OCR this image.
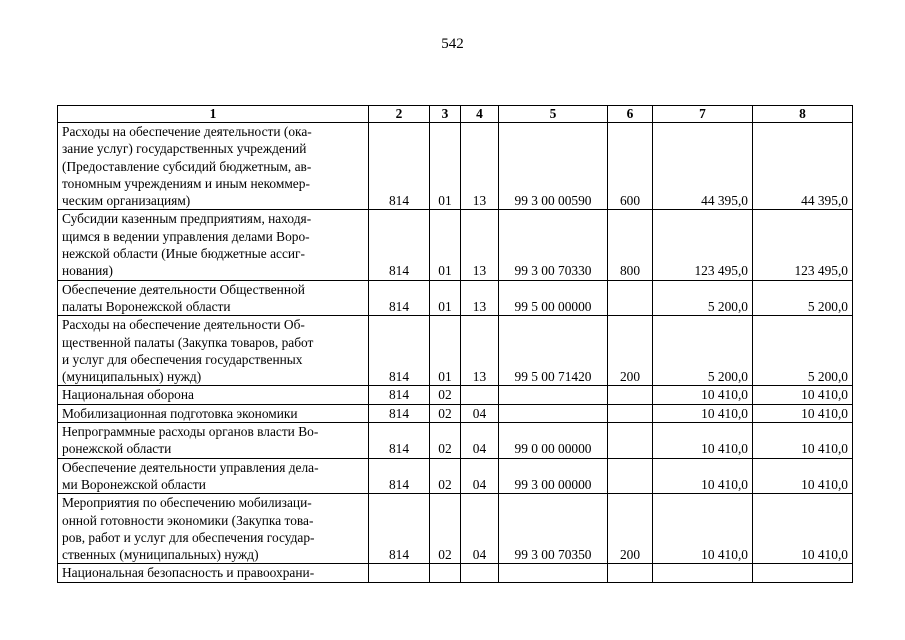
542
1	2	3	4	5	6	7	8

Расходы на обеспечение деятельности (ока-
зание услуг) государственных учреждений
(Предоставление субсидий бюджетным, ав-
тономным учреждениям и иным некоммер-
ческим организациям)	814	01	13	99 3 00 00590	600	44 395,0	44 395,0

Субсидии казенным предприятиям, находя-
щимся в ведении управления делами Воро-
нежской области (Иные бюджетные ассиг-
нования)	814	01	13	99 3 00 70330	800	123 495,0	123 495,0

Обеспечение деятельности Общественной
палаты Воронежской области	814	01	13	99 5 00 00000		5 200,0	5 200,0

Расходы на обеспечение деятельности Об-
щественной палаты (Закупка товаров, работ
и услуг для обеспечения государственных
(муниципальных) нужд)	814	01	13	99 5 00 71420	200	5 200,0	5 200,0

Национальная оборона	814	02				10 410,0	10 410,0

Мобилизационная подготовка экономики	814	02	04			10 410,0	10 410,0

Непрограммные расходы органов власти Во-
ронежской области	814	02	04	99 0 00 00000		10 410,0	10 410,0

Обеспечение деятельности управления дела-
ми Воронежской области	814	02	04	99 3 00 00000		10 410,0	10 410,0

Мероприятия по обеспечению мобилизаци-
онной готовности экономики (Закупка това-
ров, работ и услуг для обеспечения государ-
ственных (муниципальных) нужд)	814	02	04	99 3 00 70350	200	10 410,0	10 410,0

Национальная безопасность и правоохрани-							
